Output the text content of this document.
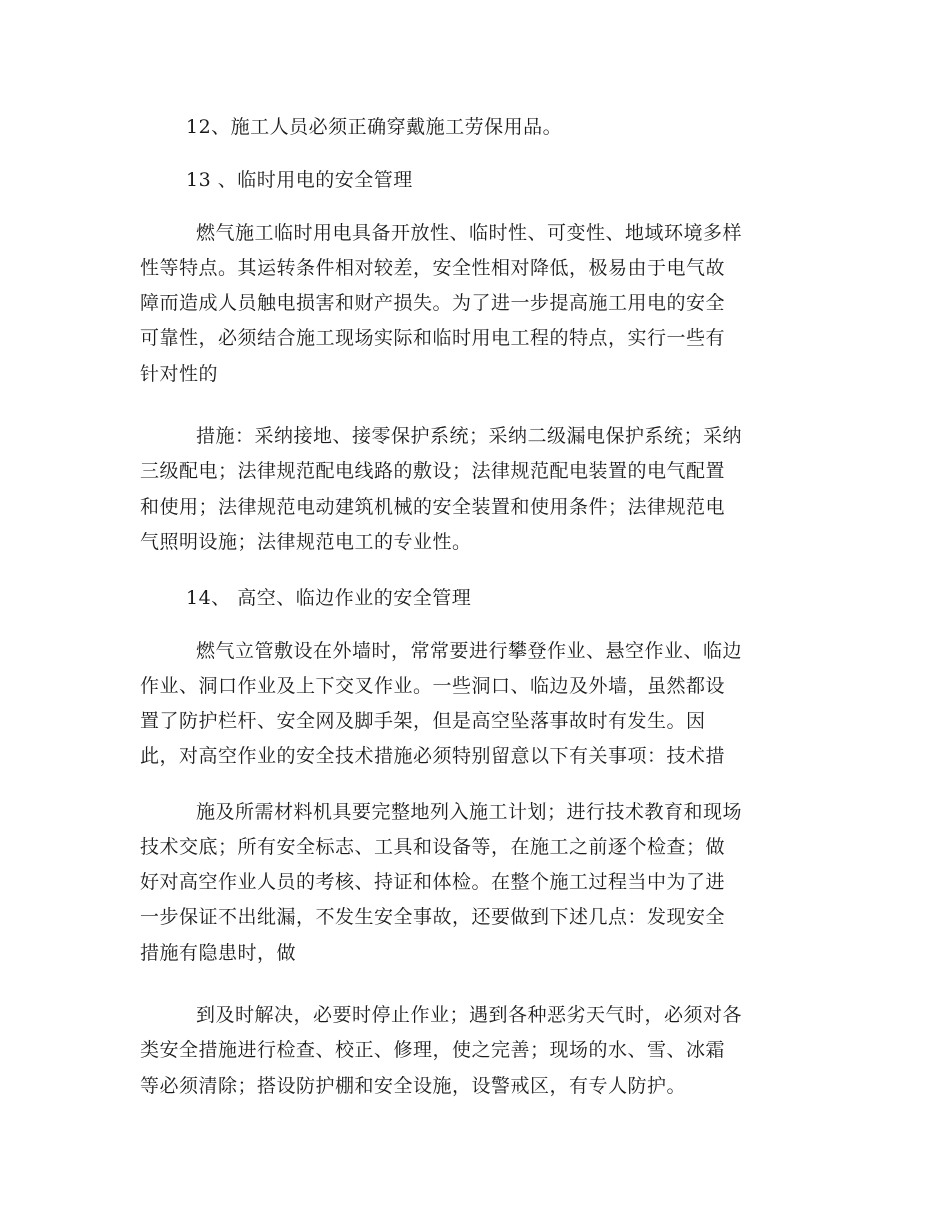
12、施工人员必须正确穿戴施工劳保用品。
13 、临时用电的安全管理
燃气施工临时用电具备开放性、临时性、可变性、地域环境多样
性等特点。其运转条件相对较差，安全性相对降低，极易由于电气故
障而造成人员触电损害和财产损失。为了进一步提高施工用电的安全
可靠性，必须结合施工现场实际和临时用电工程的特点，实行一些有
针对性的
措施：采纳接地、接零保护系统；采纳二级漏电保护系统；采纳
三级配电；法律规范配电线路的敷设；法律规范配电装置的电气配置
和使用；法律规范电动建筑机械的安全装置和使用条件；法律规范电
气照明设施；法律规范电工的专业性。
14、 高空、临边作业的安全管理
燃气立管敷设在外墙时，常常要进行攀登作业、悬空作业、临边
作业、洞口作业及上下交叉作业。一些洞口、临边及外墙，虽然都设
置了防护栏杆、安全网及脚手架，但是高空坠落事故时有发生。因
此，对高空作业的安全技术措施必须特别留意以下有关事项：技术措
施及所需材料机具要完整地列入施工计划；进行技术教育和现场
技术交底；所有安全标志、工具和设备等，在施工之前逐个检查；做
好对高空作业人员的考核、持证和体检。在整个施工过程当中为了进
一步保证不出纰漏，不发生安全事故，还要做到下述几点：发现安全
措施有隐患时，做
到及时解决，必要时停止作业；遇到各种恶劣天气时，必须对各
类安全措施进行检查、校正、修理，使之完善；现场的水、雪、冰霜
等必须清除；搭设防护棚和安全设施，设警戒区，有专人防护。
